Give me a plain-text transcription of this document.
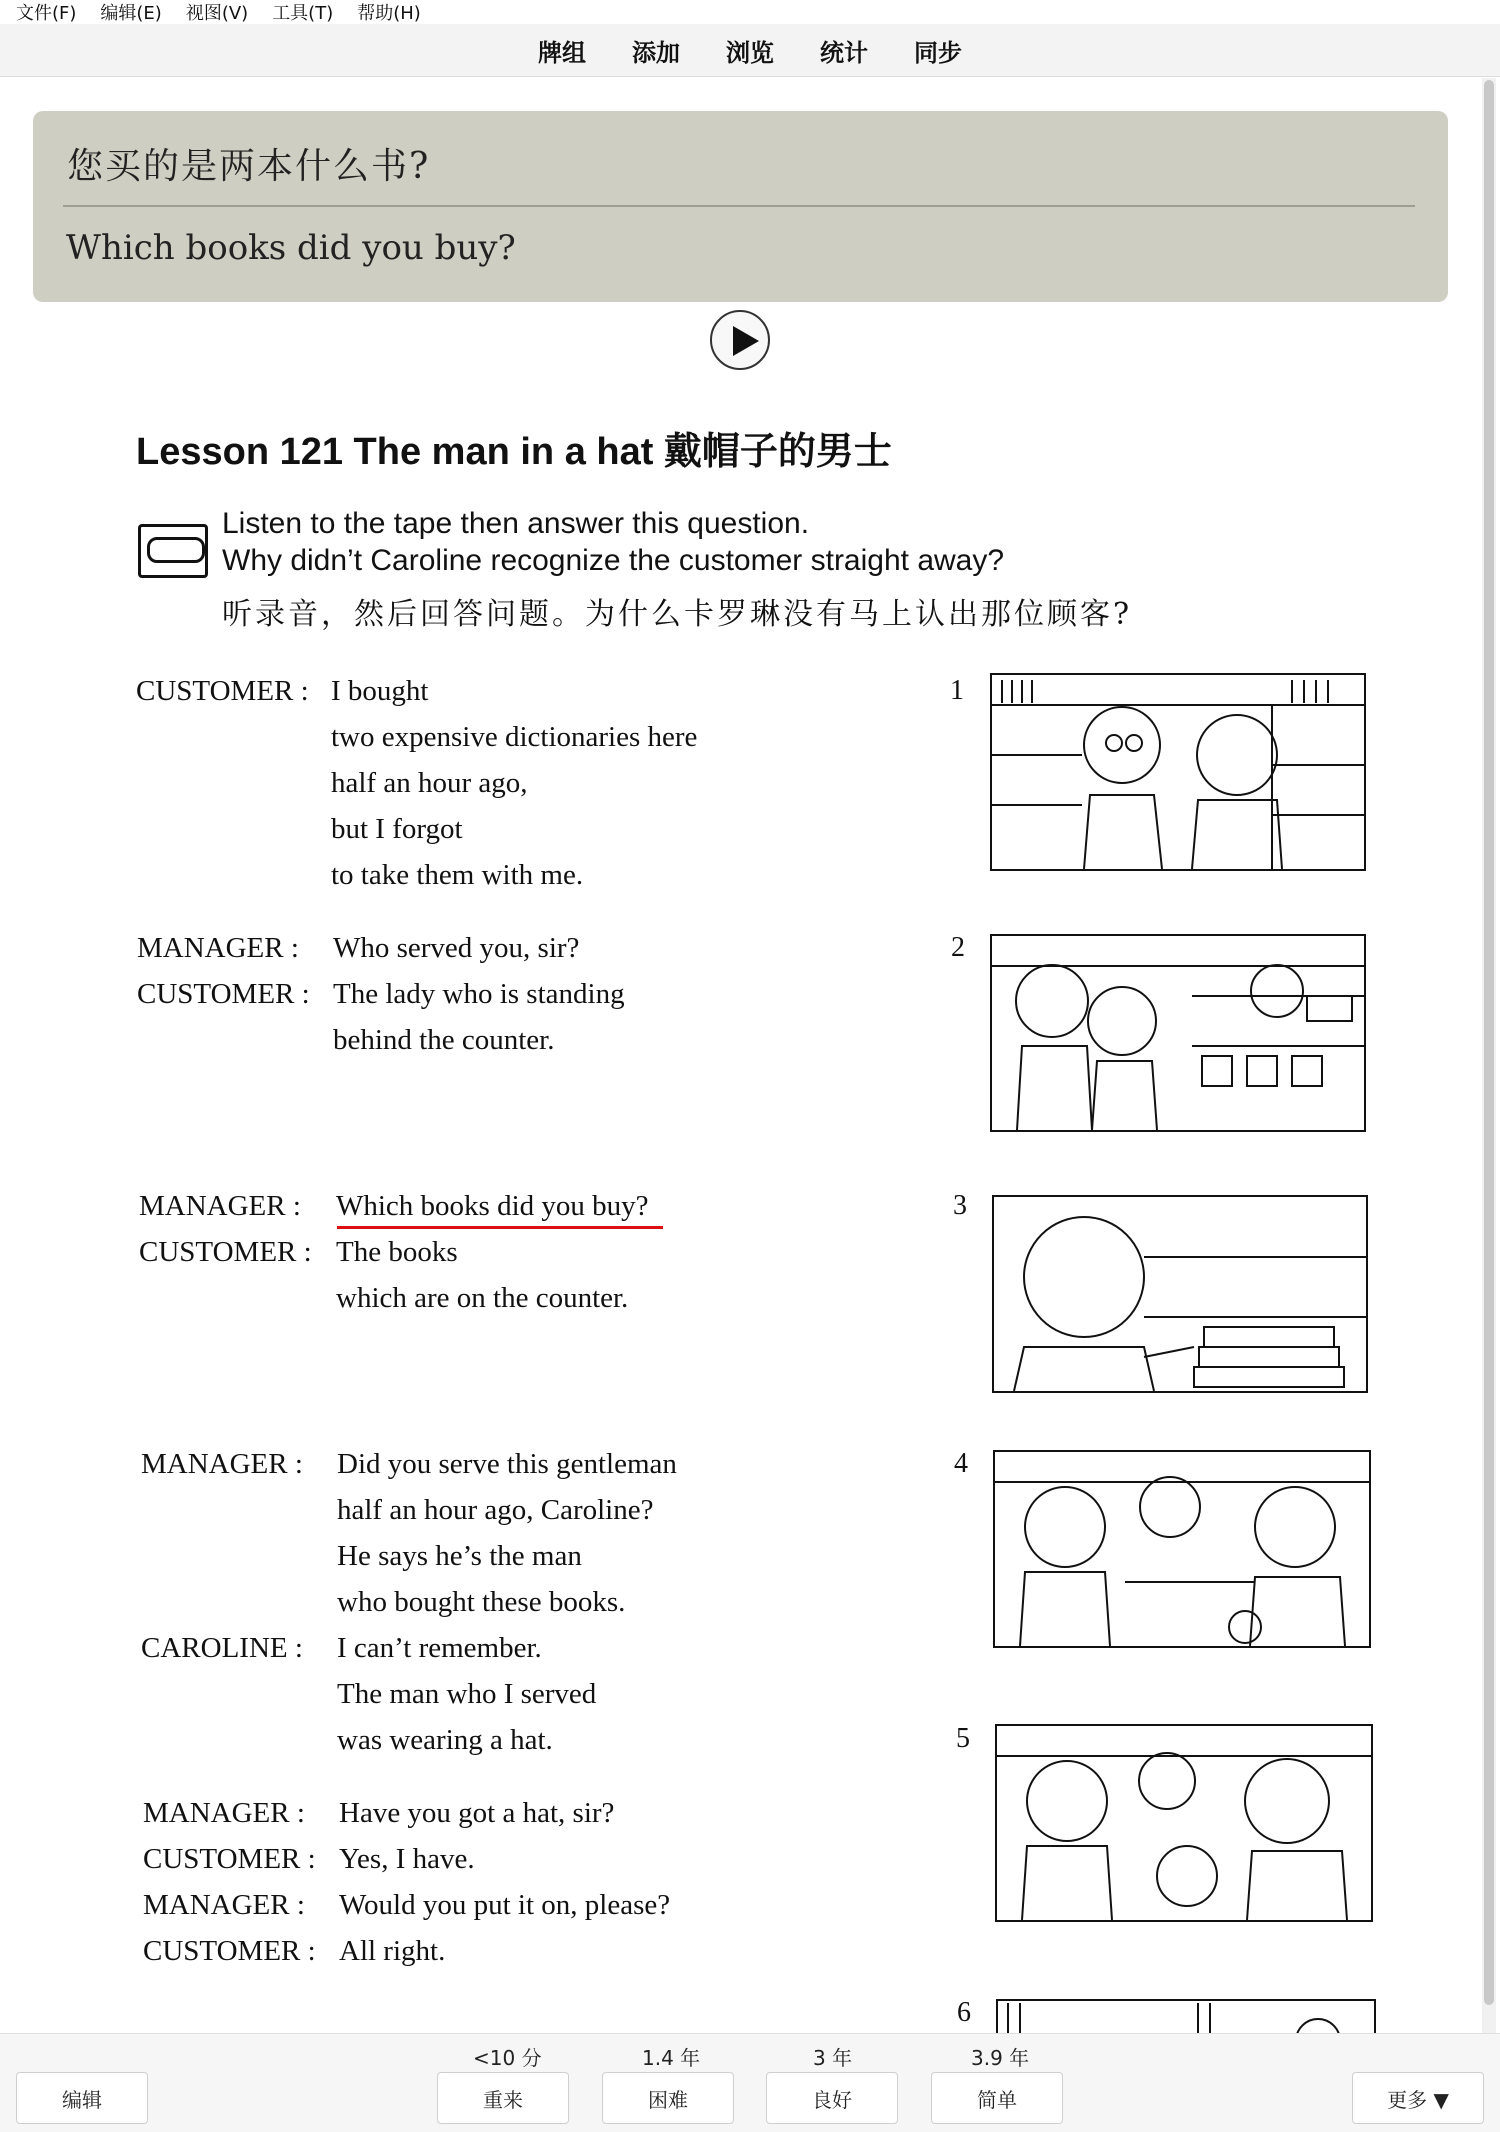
文件(F) 编辑(E) 视图(V) 工具(T) 帮助(H)
牌组 添加 浏览 统计 同步
您买的是两本什么书?
Which books did you buy?
Lesson 121 The man in a hat 戴帽子的男士
Listen to the tape then answer this question.
Why didn’t Caroline recognize the customer straight away?
听录音，然后回答问题。为什么卡罗琳没有马上认出那位顾客?
CUSTOMER : I bought
two expensive dictionaries here
half an hour ago,
but I forgot
to take them with me.
MANAGER : Who served you, sir?
CUSTOMER : The lady who is standing
behind the counter.
MANAGER : Which books did you buy?
CUSTOMER : The books
which are on the counter.
MANAGER : Did you serve this gentleman
half an hour ago, Caroline?
He says he’s the man
who bought these books.
CAROLINE : I can’t remember.
The man who I served
was wearing a hat.
MANAGER : Have you got a hat, sir?
CUSTOMER : Yes, I have.
MANAGER : Would you put it on, please?
CUSTOMER : All right.
1
2
3
4
5
6
编辑
<10 分
重来
1.4 年
困难
3 年
良好
3.9 年
简单	更多 ▼
